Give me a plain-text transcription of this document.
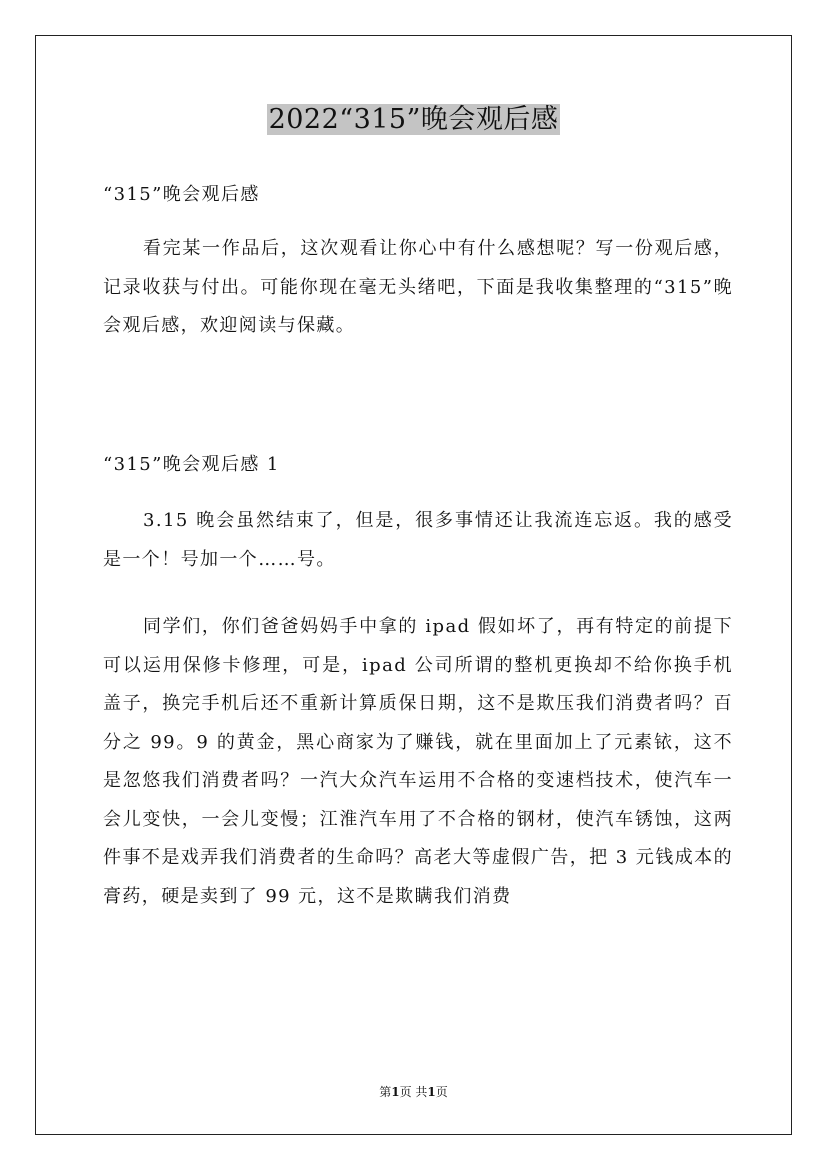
2022“315”晚会观后感

“315”晚会观后感

看完某一作品后，这次观看让你心中有什么感想呢？写一份观后感，记录收获与付出。可能你现在毫无头绪吧，下面是我收集整理的“315”晚会观后感，欢迎阅读与保藏。

“315”晚会观后感 1

3.15 晚会虽然结束了，但是，很多事情还让我流连忘返。我的感受是一个！号加一个……号。

同学们，你们爸爸妈妈手中拿的 ipad 假如坏了，再有特定的前提下可以运用保修卡修理，可是，ipad 公司所谓的整机更换却不给你换手机盖子，换完手机后还不重新计算质保日期，这不是欺压我们消费者吗？百分之 99。9 的黄金，黑心商家为了赚钱，就在里面加上了元素铱，这不是忽悠我们消费者吗？一汽大众汽车运用不合格的变速档技术，使汽车一会儿变快，一会儿变慢；江淮汽车用了不合格的钢材，使汽车锈蚀，这两件事不是戏弄我们消费者的生命吗？高老大等虚假广告，把 3 元钱成本的膏药，硬是卖到了 99 元，这不是欺瞒我们消费

第1页 共1页
